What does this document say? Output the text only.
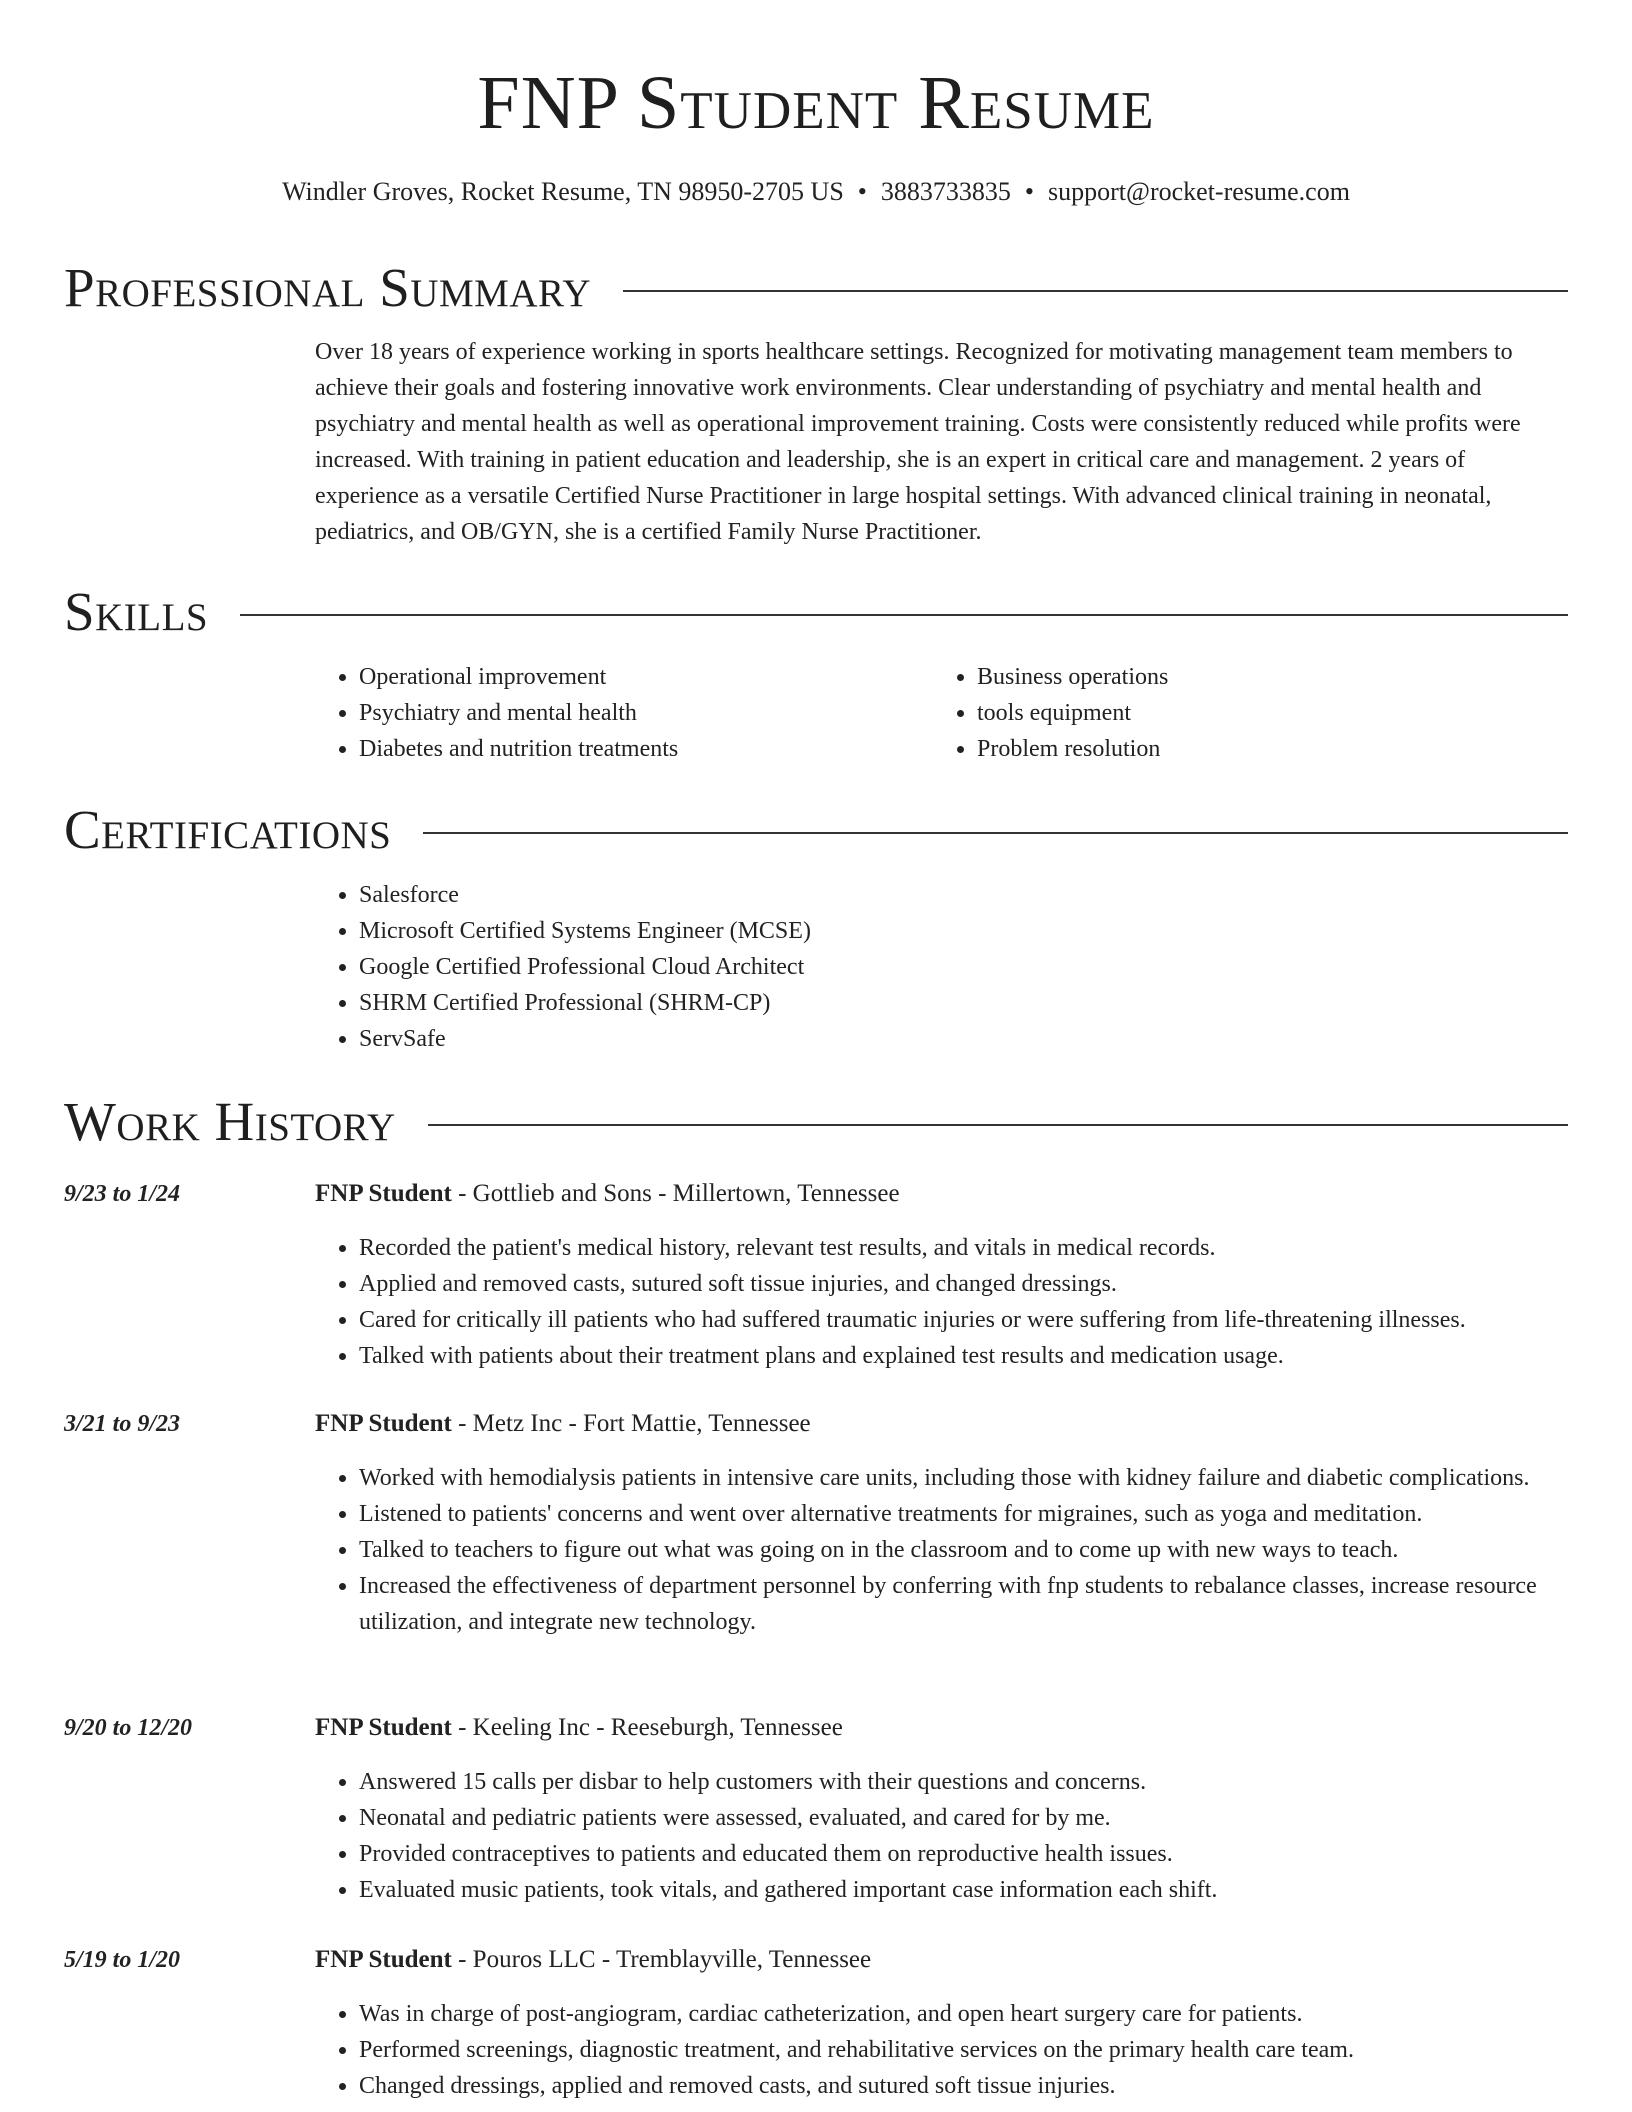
FNP Student Resume
Windler Groves, Rocket Resume, TN 98950-2705 US • 3883733835 • support@rocket-resume.com
Professional Summary

Over 18 years of experience working in sports healthcare settings. Recognized for motivating management team members to achieve their goals and fostering innovative work environments. Clear understanding of psychiatry and mental health and psychiatry and mental health as well as operational improvement training. Costs were consistently reduced while profits were increased. With training in patient education and leadership, she is an expert in critical care and management. 2 years of experience as a versatile Certified Nurse Practitioner in large hospital settings. With advanced clinical training in neonatal, pediatrics, and OB/GYN, she is a certified Family Nurse Practitioner.

Skills
• Operational improvement
• Psychiatry and mental health
• Diabetes and nutrition treatments
• Business operations
• tools equipment
• Problem resolution
Certifications
• Salesforce
• Microsoft Certified Systems Engineer (MCSE)
• Google Certified Professional Cloud Architect
• SHRM Certified Professional (SHRM-CP)
• ServSafe
Work History
9/23 to 1/24	FNP Student - Gottlieb and Sons - Millertown, Tennessee
• Recorded the patient's medical history, relevant test results, and vitals in medical records.
• Applied and removed casts, sutured soft tissue injuries, and changed dressings.
• Cared for critically ill patients who had suffered traumatic injuries or were suffering from life-threatening illnesses.
• Talked with patients about their treatment plans and explained test results and medication usage.
3/21 to 9/23	FNP Student - Metz Inc - Fort Mattie, Tennessee
• Worked with hemodialysis patients in intensive care units, including those with kidney failure and diabetic complications.
• Listened to patients' concerns and went over alternative treatments for migraines, such as yoga and meditation.
• Talked to teachers to figure out what was going on in the classroom and to come up with new ways to teach.
• Increased the effectiveness of department personnel by conferring with fnp students to rebalance classes, increase resource utilization, and integrate new technology.
9/20 to 12/20	FNP Student - Keeling Inc - Reeseburgh, Tennessee
• Answered 15 calls per disbar to help customers with their questions and concerns.
• Neonatal and pediatric patients were assessed, evaluated, and cared for by me.
• Provided contraceptives to patients and educated them on reproductive health issues.
• Evaluated music patients, took vitals, and gathered important case information each shift.
5/19 to 1/20	FNP Student - Pouros LLC - Tremblayville, Tennessee
• Was in charge of post-angiogram, cardiac catheterization, and open heart surgery care for patients.
• Performed screenings, diagnostic treatment, and rehabilitative services on the primary health care team.
• Changed dressings, applied and removed casts, and sutured soft tissue injuries.
